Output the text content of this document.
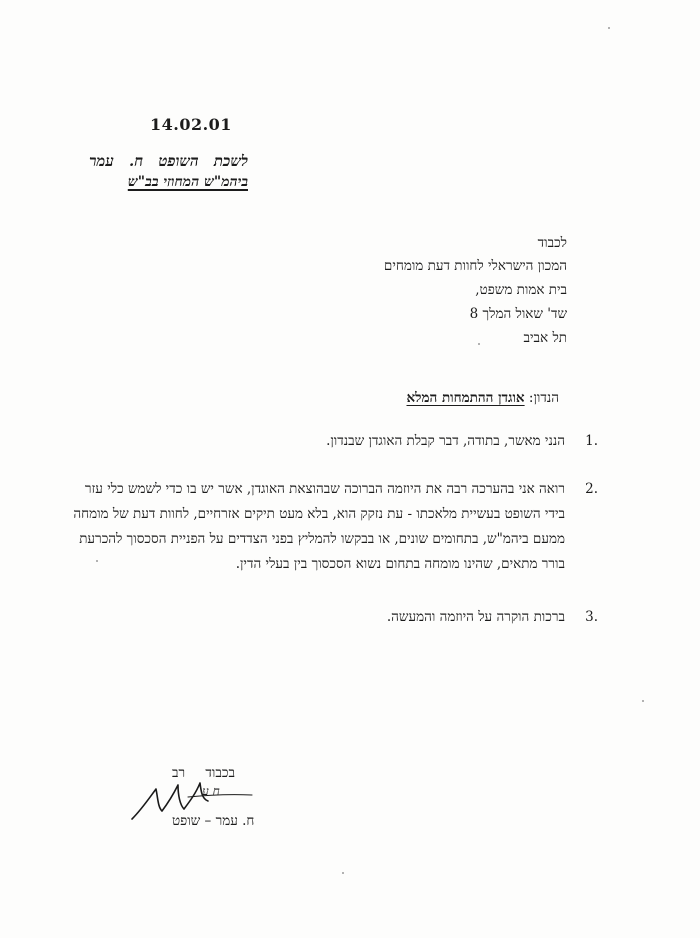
14.02.01
לשכת השופט ח. עמר
ביהמ"ש המחוזי בב"ש
לכבוד
המכון הישראלי לחוות דעת מומחים
בית אמות משפט,
שד' שאול המלך 8
תל אביב
הנדון: אוגדן ההתמחות המלא
1.
הנני מאשר, בתודה, דבר קבלת האוגדן שבנדון.
2.
רואה אני בהערכה רבה את היוזמה הברוכה שבהוצאת האוגדן, אשר יש בו כדי לשמש כלי עזר
בידי השופט בעשיית מלאכתו - עת נזקק הוא, בלא מעט תיקים אזרחיים, לחוות דעת של מומחה
ממעם ביהמ"ש, בתחומים שונים, או בבקשו להמליץ בפני הצדדים על הפניית הסכסוך להכרעת
בורר מתאים, שהינו מומחה בתחום נשוא הסכסוך בין בעלי הדין.
3.
ברכות הוקרה על היוזמה והמעשה.
בכבוד רב
ח ע
ח. עמר – שופט
